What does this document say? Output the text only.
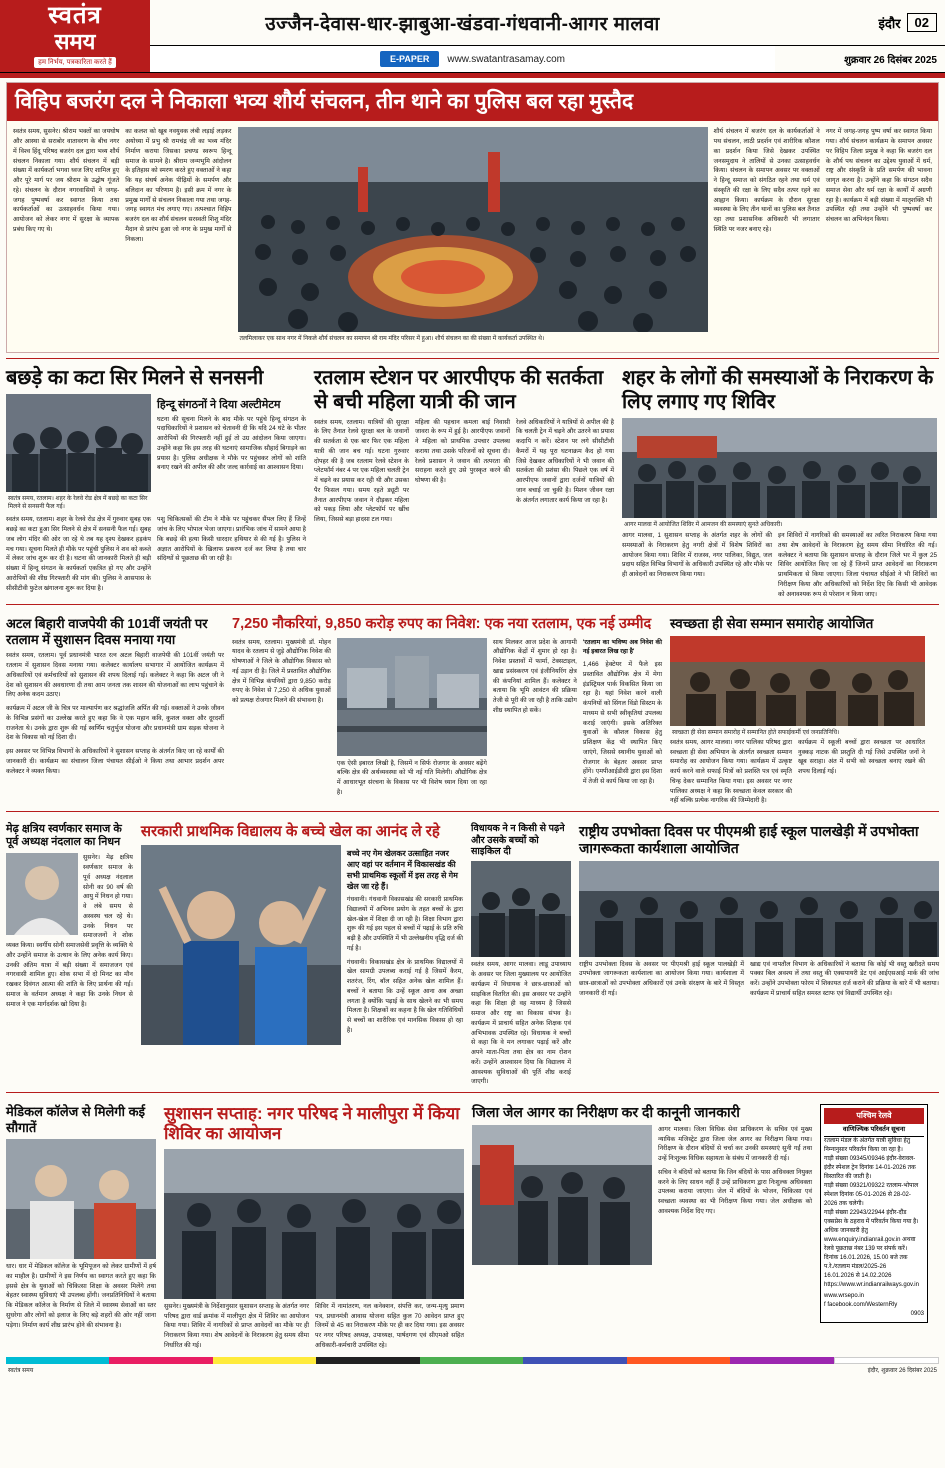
स्वतंत्र
समय
हम निर्भय, पत्रकारिता करते हैं
उज्जैन-देवास-धार-झाबुआ-खंडवा-गंधवानी-आगर मालवा
E-PAPER	www.swatantrasamay.com
इंदौर	02
शुक्रवार 26 दिसंबर 2025
विहिप बजरंग दल ने निकाला भव्य शौर्य संचलन, तीन थाने का पुलिस बल रहा मुस्तैद
स्वतंत्र समय, सुसनेर। श्रीराम भक्तों का जयघोष और आस्था से सराबोर वातावरण के बीच नगर में विश्व हिंदू परिषद बजरंग दल द्वारा भव्य शौर्य संचलन निकाला गया। शौर्य संचलन में बड़ी संख्या में कार्यकर्ता भगवा ध्वज लिए शामिल हुए और पूरे मार्ग पर जय श्रीराम के उद्घोष गूंजते रहे। संचलन के दौरान नगरवासियों ने जगह-जगह पुष्पवर्षा कर स्वागत किया तथा कार्यकर्ताओं का उत्साहवर्धन किया गया। आयोजन को लेकर नगर में सुरक्षा के व्यापक प्रबंध किए गए थे।
का कलश को खूब नवयुवक लंबी लड़ाई लड़कर अयोध्या में प्रभु श्री रामचंद्र जी का भव्य मंदिर निर्माण कराया जिसका प्रचण्ड स्वरूप हिन्दू समाज के सामने है। श्रीराम जन्मभूमि आंदोलन के इतिहास को स्मरण करते हुए वक्ताओं ने कहा कि यह संघर्ष अनेक पीढ़ियों के समर्पण और बलिदान का परिणाम है। इसी क्रम में नगर के प्रमुख मार्गों से संचलन निकाला गया तथा जगह-जगह स्वागत मंच लगाए गए। तत्पश्चात विहिप बजरंग दल का शौर्य संचलन सरस्वती शिशु मंदिर मैदान से प्रारंभ हुआ जो नगर के प्रमुख मार्गों से निकला।
तलमिलाकर एक साथ नगर में निकले शौर्य संचलन का समापन श्री राम मंदिर परिसर में हुआ। शौर्य संचलन का की संख्या में कार्यकर्ता उपस्थित थे।
शौर्य संचलन में बजरंग दल के कार्यकर्ताओं ने पथ संचलन, लाठी प्रदर्शन एवं शारीरिक कौशल का प्रदर्शन किया जिसे देखकर उपस्थित जनसमुदाय ने तालियों से उनका उत्साहवर्धन किया। संचलन के समापन अवसर पर वक्ताओं ने हिन्दू समाज को संगठित रहने तथा धर्म एवं संस्कृति की रक्षा के लिए सदैव तत्पर रहने का आह्वान किया। कार्यक्रम के दौरान सुरक्षा व्यवस्था के लिए तीन थानों का पुलिस बल तैनात रहा तथा प्रशासनिक अधिकारी भी लगातार स्थिति पर नजर बनाए रहे।
नगर में जगह-जगह पुष्प वर्षा कर स्वागत किया गया। शौर्य संचलन कार्यक्रम के समापन अवसर पर विहिप जिला प्रमुख ने कहा कि बजरंग दल के शौर्य पथ संचलन का उद्देश्य युवाओं में धर्म, राष्ट्र और संस्कृति के प्रति समर्पण की भावना जागृत करना है। उन्होंने कहा कि संगठन सदैव समाज सेवा और धर्म रक्षा के कार्यों में अग्रणी रहा है। कार्यक्रम में बड़ी संख्या में मातृशक्ति भी उपस्थित रही तथा उन्होंने भी पुष्पवर्षा कर संचलन का अभिनंदन किया।
बछड़े का कटा सिर मिलने से सनसनी
स्वतंत्र समय, रतलाम। शहर के रेलवे रोड क्षेत्र में बछड़े का कटा सिर मिलने से सनसनी फैल गई।
हिन्दू संगठनों ने दिया अल्टीमेटम
घटना की सूचना मिलने के बाद मौके पर पहुंचे हिन्दू संगठन के पदाधिकारियों ने प्रशासन को चेतावनी दी कि यदि 24 घंटे के भीतर आरोपियों की गिरफ्तारी नहीं हुई तो उग्र आंदोलन किया जाएगा। उन्होंने कहा कि इस तरह की घटनाएं सामाजिक सौहार्द बिगाड़ने का प्रयास है। पुलिस अधीक्षक ने मौके पर पहुंचकर लोगों को शांति बनाए रखने की अपील की और जल्द कार्रवाई का आश्वासन दिया।
स्वतंत्र समय, रतलाम। शहर के रेलवे रोड क्षेत्र में गुरुवार सुबह एक बछड़े का कटा हुआ सिर मिलने से क्षेत्र में सनसनी फैल गई। सुबह जब लोग मंदिर की ओर जा रहे थे तब यह दृश्य देखकर हड़कंप मच गया। सूचना मिलते ही मौके पर पहुंची पुलिस ने शव को कब्जे में लेकर जांच शुरू कर दी है। घटना की जानकारी मिलते ही बड़ी संख्या में हिन्दू संगठन के कार्यकर्ता एकत्रित हो गए और उन्होंने आरोपियों की शीघ्र गिरफ्तारी की मांग की। पुलिस ने आसपास के सीसीटीवी फुटेज खंगालना शुरू कर दिया है।
पशु चिकित्सकों की टीम ने मौके पर पहुंचकर सैंपल लिए हैं जिन्हें जांच के लिए भोपाल भेजा जाएगा। प्रारंभिक जांच में सामने आया है कि बछड़े की हत्या किसी धारदार हथियार से की गई है। पुलिस ने अज्ञात आरोपियों के खिलाफ प्रकरण दर्ज कर लिया है तथा चार संदिग्धों से पूछताछ की जा रही है।
रतलाम स्टेशन पर आरपीएफ की सतर्कता से बची महिला यात्री की जान
स्वतंत्र समय, रतलाम। यात्रियों की सुरक्षा के लिए तैनात रेलवे सुरक्षा बल के जवानों की सतर्कता से एक बार फिर एक महिला यात्री की जान बच गई। घटना गुरुवार दोपहर की है जब रतलाम रेलवे स्टेशन के प्लेटफॉर्म नंबर 4 पर एक महिला चलती ट्रेन में चढ़ने का प्रयास कर रही थी और उसका पैर फिसल गया। समय रहते ड्यूटी पर तैनात आरपीएफ जवान ने दौड़कर महिला को पकड़ लिया और प्लेटफॉर्म पर खींच लिया, जिससे बड़ा हादसा टल गया।
महिला की पहचान कमला बाई निवासी जावरा के रूप में हुई है। आरपीएफ जवानों ने महिला को प्राथमिक उपचार उपलब्ध कराया तथा उसके परिजनों को सूचना दी। रेलवे प्रशासन ने जवान की तत्परता की सराहना करते हुए उसे पुरस्कृत करने की घोषणा की है।
रेलवे अधिकारियों ने यात्रियों से अपील की है कि चलती ट्रेन में चढ़ने और उतरने का प्रयास कदापि न करें। स्टेशन पर लगे सीसीटीवी कैमरों में यह पूरा घटनाक्रम कैद हो गया जिसे देखकर अधिकारियों ने भी जवान की सतर्कता की प्रशंसा की। पिछले एक वर्ष में आरपीएफ जवानों द्वारा दर्जनों यात्रियों की जान बचाई जा चुकी है। मिशन जीवन रक्षा के अंतर्गत लगातार कार्य किया जा रहा है।
शहर के लोगों की समस्याओं के निराकरण के लिए लगाए गए शिविर
आगर मालवा में आयोजित शिविर में आमजन की समस्याएं सुनते अधिकारी।
आगर मालवा, 1 सुशासन सप्ताह के अंतर्गत शहर के लोगों की समस्याओं के निराकरण हेतु नगरी क्षेत्रों में विशेष शिविरों का आयोजन किया गया। शिविर में राजस्व, नगर पालिका, विद्युत, जल प्रदाय सहित विभिन्न विभागों के अधिकारी उपस्थित रहे और मौके पर ही आवेदनों का निराकरण किया गया।
इन शिविरों में नागरिकों की समस्याओं का त्वरित निराकरण किया गया तथा शेष आवेदनों के निराकरण हेतु समय सीमा निर्धारित की गई। कलेक्टर ने बताया कि सुशासन सप्ताह के दौरान जिले भर में कुल 25 शिविर आयोजित किए जा रहे हैं जिनमें प्राप्त आवेदनों का निराकरण प्राथमिकता से किया जाएगा। जिला पंचायत सीईओ ने भी शिविरों का निरीक्षण किया और अधिकारियों को निर्देश दिए कि किसी भी आवेदक को अनावश्यक रूप से परेशान न किया जाए।
अटल बिहारी वाजपेयी की 101वीं जयंती पर रतलाम में सुशासन दिवस मनाया गया
स्वतंत्र समय, रतलाम। पूर्व प्रधानमंत्री भारत रत्न अटल बिहारी वाजपेयी की 101वीं जयंती पर रतलाम में सुशासन दिवस मनाया गया। कलेक्टर कार्यालय सभागार में आयोजित कार्यक्रम में अधिकारियों एवं कर्मचारियों को सुशासन की शपथ दिलाई गई। कलेक्टर ने कहा कि अटल जी ने देश को सुशासन की अवधारणा दी तथा आम जनता तक शासन की योजनाओं का लाभ पहुंचाने के लिए अनेक कदम उठाए।
कार्यक्रम में अटल जी के चित्र पर माल्यार्पण कर श्रद्धांजलि अर्पित की गई। वक्ताओं ने उनके जीवन के विभिन्न प्रसंगों का उल्लेख करते हुए कहा कि वे एक महान कवि, कुशल वक्ता और दूरदर्शी राजनेता थे। उनके द्वारा शुरू की गई स्वर्णिम चतुर्भुज योजना और प्रधानमंत्री ग्राम सड़क योजना ने देश के विकास को नई दिशा दी।
इस अवसर पर विभिन्न विभागों के अधिकारियों ने सुशासन सप्ताह के अंतर्गत किए जा रहे कार्यों की जानकारी दी। कार्यक्रम का संचालन जिला पंचायत सीईओ ने किया तथा आभार प्रदर्शन अपर कलेक्टर ने व्यक्त किया।
7,250 नौकरियां, 9,850 करोड़ रुपए का निवेश: एक नया रतलाम, एक नई उम्मीद
स्वतंत्र समय, रतलाम। मुख्यमंत्री डॉ. मोहन यादव के रतलाम से जुड़े औद्योगिक निवेश की घोषणाओं ने जिले के औद्योगिक विकास को नई उड़ान दी है। जिले में प्रस्तावित औद्योगिक क्षेत्र में विभिन्न कंपनियों द्वारा 9,850 करोड़ रुपए के निवेश से 7,250 से अधिक युवाओं को प्रत्यक्ष रोजगार मिलने की संभावना है।
एक ऐसी इबारत लिखी है, जिसमें न सिर्फ रोजगार के अवसर बढ़ेंगे बल्कि क्षेत्र की अर्थव्यवस्था को भी नई गति मिलेगी। औद्योगिक क्षेत्र में आधारभूत संरचना के विकास पर भी विशेष ध्यान दिया जा रहा है।
साथ मिलकर आज प्रदेश के आगामी औद्योगिक केंद्रों में शुमार हो रहा है। निवेश प्रस्तावों में फार्मा, टेक्सटाइल, खाद्य प्रसंस्करण एवं इंजीनियरिंग क्षेत्र की कंपनियां शामिल हैं। कलेक्टर ने बताया कि भूमि आवंटन की प्रक्रिया तेजी से पूरी की जा रही है ताकि उद्योग शीघ्र स्थापित हो सकें।
'रतलाम का भविष्य अब निवेश की नई इबारत लिख रहा है'
1,466 हेक्टेयर में फैले इस प्रस्तावित औद्योगिक क्षेत्र में मेगा इंडस्ट्रियल पार्क विकसित किया जा रहा है। यहां निवेश करने वाली कंपनियों को सिंगल विंडो सिस्टम के माध्यम से सभी स्वीकृतियां उपलब्ध कराई जाएंगी। इसके अतिरिक्त युवाओं के कौशल विकास हेतु प्रशिक्षण केंद्र भी स्थापित किए जाएंगे, जिससे स्थानीय युवाओं को रोजगार के बेहतर अवसर प्राप्त होंगे। एमपीआईडीसी द्वारा इस दिशा में तेजी से कार्य किया जा रहा है।
स्वच्छता ही सेवा सम्मान समारोह आयोजित
स्वच्छता ही सेवा सम्मान समारोह में सम्मानित होते सफाईकर्मी एवं जनप्रतिनिधि।
स्वतंत्र समय, आगर मालवा। नगर पालिका परिषद द्वारा स्वच्छता ही सेवा अभियान के अंतर्गत स्वच्छता सम्मान समारोह का आयोजन किया गया। कार्यक्रम में उत्कृष्ट कार्य करने वाले सफाई मित्रों को प्रशस्ति पत्र एवं स्मृति चिन्ह देकर सम्मानित किया गया। इस अवसर पर नगर पालिका अध्यक्ष ने कहा कि स्वच्छता केवल सरकार की नहीं बल्कि प्रत्येक नागरिक की जिम्मेदारी है।
कार्यक्रम में स्कूली बच्चों द्वारा स्वच्छता पर आधारित नुक्कड़ नाटक की प्रस्तुति दी गई जिसे उपस्थित जनों ने खूब सराहा। अंत में सभी को स्वच्छता बनाए रखने की शपथ दिलाई गई।
मेढ़ क्षत्रिय स्वर्णकार समाज के पूर्व अध्यक्ष नंदलाल का निधन
सुसनेर। मेढ़ क्षत्रिय स्वर्णकार समाज के पूर्व अध्यक्ष नंदलाल सोनी का 90 वर्ष की आयु में निधन हो गया। वे लंबे समय से अस्वस्थ चल रहे थे। उनके निधन पर समाजजनों ने शोक व्यक्त किया। स्वर्गीय सोनी समाजसेवी प्रवृत्ति के व्यक्ति थे और उन्होंने समाज के उत्थान के लिए अनेक कार्य किए। उनकी अंतिम यात्रा में बड़ी संख्या में समाजजन एवं नगरवासी शामिल हुए। शोक सभा में दो मिनट का मौन रखकर दिवंगत आत्मा की शांति के लिए प्रार्थना की गई। समाज के वर्तमान अध्यक्ष ने कहा कि उनके निधन से समाज ने एक मार्गदर्शक खो दिया है।
सरकारी प्राथमिक विद्यालय के बच्चे खेल का आनंद ले रहे
बच्चे नए गेम खेलकर उत्साहित नजर आए वहां पर वर्तमान में विकासखंड की सभी प्राथमिक स्कूलों में इस तरह से गेम खेल जा रहे हैं।
गंधवानी। गंधवानी विकासखंड की सरकारी प्राथमिक विद्यालयों में अभिनव प्रयोग के तहत बच्चों के द्वारा खेल-खेल में शिक्षा दी जा रही है। शिक्षा विभाग द्वारा शुरू की गई इस पहल से बच्चों में पढ़ाई के प्रति रुचि बढ़ी है और उपस्थिति में भी उल्लेखनीय वृद्धि दर्ज की गई है।
गंधवानी। विकासखंड क्षेत्र के प्राथमिक विद्यालयों में खेल सामग्री उपलब्ध कराई गई है जिसमें कैरम, शतरंज, रिंग, बॉल सहित अनेक खेल शामिल हैं। बच्चों ने बताया कि उन्हें स्कूल आना अब अच्छा लगता है क्योंकि पढ़ाई के साथ खेलने का भी समय मिलता है। शिक्षकों का कहना है कि खेल गतिविधियों से बच्चों का शारीरिक एवं मानसिक विकास हो रहा है।
विधायक ने न किसी से पढ़ने और उसके बच्चों को साइकिल दी
स्वतंत्र समय, आगर मालवा। लाडू उपाध्याय के अवसर पर जिला मुख्यालय पर आयोजित कार्यक्रम में विधायक ने छात्र-छात्राओं को साइकिल वितरित की। इस अवसर पर उन्होंने कहा कि शिक्षा ही वह माध्यम है जिससे समाज और राष्ट्र का विकास संभव है। कार्यक्रम में प्राचार्य सहित अनेक शिक्षक एवं अभिभावक उपस्थित रहे। विधायक ने बच्चों से कहा कि वे मन लगाकर पढ़ाई करें और अपने माता-पिता तथा क्षेत्र का नाम रोशन करें। उन्होंने आश्वासन दिया कि विद्यालय में आवश्यक सुविधाओं की पूर्ति शीघ्र कराई जाएगी।
राष्ट्रीय उपभोक्ता दिवस पर पीएमश्री हाई स्कूल पालखेड़ी में उपभोक्ता जागरूकता कार्यशाला आयोजित
राष्ट्रीय उपभोक्ता दिवस के अवसर पर पीएमश्री हाई स्कूल पालखेड़ी में उपभोक्ता जागरूकता कार्यशाला का आयोजन किया गया। कार्यशाला में छात्र-छात्राओं को उपभोक्ता अधिकारों एवं उनके संरक्षण के बारे में विस्तृत जानकारी दी गई।
खाद्य एवं नापतौल विभाग के अधिकारियों ने बताया कि कोई भी वस्तु खरीदते समय पक्का बिल अवश्य लें तथा वस्तु की एक्सपायरी डेट एवं आईएसआई मार्क की जांच करें। उन्होंने उपभोक्ता फोरम में शिकायत दर्ज कराने की प्रक्रिया के बारे में भी बताया। कार्यक्रम में प्राचार्य सहित समस्त स्टाफ एवं विद्यार्थी उपस्थित रहे।
मेडिकल कॉलेज से मिलेगी कई सौगातें
धार। धार में मेडिकल कॉलेज के भूमिपूजन को लेकर ग्रामीणों में हर्ष का माहौल है। ग्रामीणों ने इस निर्णय का स्वागत करते हुए कहा कि इससे क्षेत्र के युवाओं को चिकित्सा शिक्षा के अवसर मिलेंगे तथा बेहतर स्वास्थ्य सुविधाएं भी उपलब्ध होंगी। जनप्रतिनिधियों ने बताया कि मेडिकल कॉलेज के निर्माण से जिले में स्वास्थ्य सेवाओं का स्तर सुधरेगा और लोगों को इलाज के लिए बड़े शहरों की ओर नहीं जाना पड़ेगा। निर्माण कार्य शीघ्र प्रारंभ होने की संभावना है।
सुशासन सप्ताह: नगर परिषद ने मालीपुरा में किया शिविर का आयोजन
सुसनेर। मुख्यमंत्री के निर्देशानुसार सुशासन सप्ताह के अंतर्गत नगर परिषद द्वारा वार्ड क्रमांक में मालीपुरा क्षेत्र में शिविर का आयोजन किया गया। शिविर में नागरिकों से प्राप्त आवेदनों का मौके पर ही निराकरण किया गया। शेष आवेदनों के निराकरण हेतु समय सीमा निर्धारित की गई।
शिविर में नामांतरण, नल कनेक्शन, संपत्ति कर, जन्म-मृत्यु प्रमाण पत्र, प्रधानमंत्री आवास योजना सहित कुल 70 आवेदन प्राप्त हुए जिनमें से 45 का निराकरण मौके पर ही कर दिया गया। इस अवसर पर नगर परिषद अध्यक्ष, उपाध्यक्ष, पार्षदगण एवं सीएमओ सहित अधिकारी-कर्मचारी उपस्थित रहे।
जिला जेल आगर का निरीक्षण कर दी कानूनी जानकारी
आगर मालवा। जिला विधिक सेवा प्राधिकरण के सचिव एवं मुख्य न्यायिक मजिस्ट्रेट द्वारा जिला जेल आगर का निरीक्षण किया गया। निरीक्षण के दौरान बंदियों से चर्चा कर उनकी समस्याएं सुनी गईं तथा उन्हें निःशुल्क विधिक सहायता के संबंध में जानकारी दी गई।
सचिव ने बंदियों को बताया कि जिन बंदियों के पास अधिवक्ता नियुक्त करने के लिए साधन नहीं हैं उन्हें प्राधिकरण द्वारा निःशुल्क अधिवक्ता उपलब्ध कराया जाएगा। जेल में बंदियों के भोजन, चिकित्सा एवं स्वच्छता व्यवस्था का भी निरीक्षण किया गया। जेल अधीक्षक को आवश्यक निर्देश दिए गए।
पश्चिम रेलवे
वाणिज्यिक परिवर्तन सूचना
रतलाम मंडल के अंतर्गत यात्री सुविधा हेतु निम्नानुसार परिवर्तन किया जा रहा है।
गाड़ी संख्या 09345/09346 इंदौर-वेरावल-इंदौर स्पेशल ट्रेन दिनांक 14-01-2026 तक विस्तारित की जाती है।
गाड़ी संख्या 09321/09322 रतलाम-भोपाल स्पेशल दिनांक 05-01-2026 से 28-02-2026 तक चलेगी।
गाड़ी संख्या 22943/22944 इंदौर-दौंड एक्सप्रेस के ठहराव में परिवर्तन किया गया है।
अधिक जानकारी हेतु www.enquiry.indianrail.gov.in अथवा रेलवे पूछताछ नंबर 139 पर संपर्क करें।
दिनांक 16.01.2026, 15.00 बजे तक
प.रे./रतलाम मंडल/2025-26
16.01.2026 से 14.02.2026
https://www.wr.indianrailways.gov.in
www.wrsepo.in
f facebook.com/WesternRly
0903
स्वतंत्र समय	इंदौर, शुक्रवार 26 दिसंबर 2025
